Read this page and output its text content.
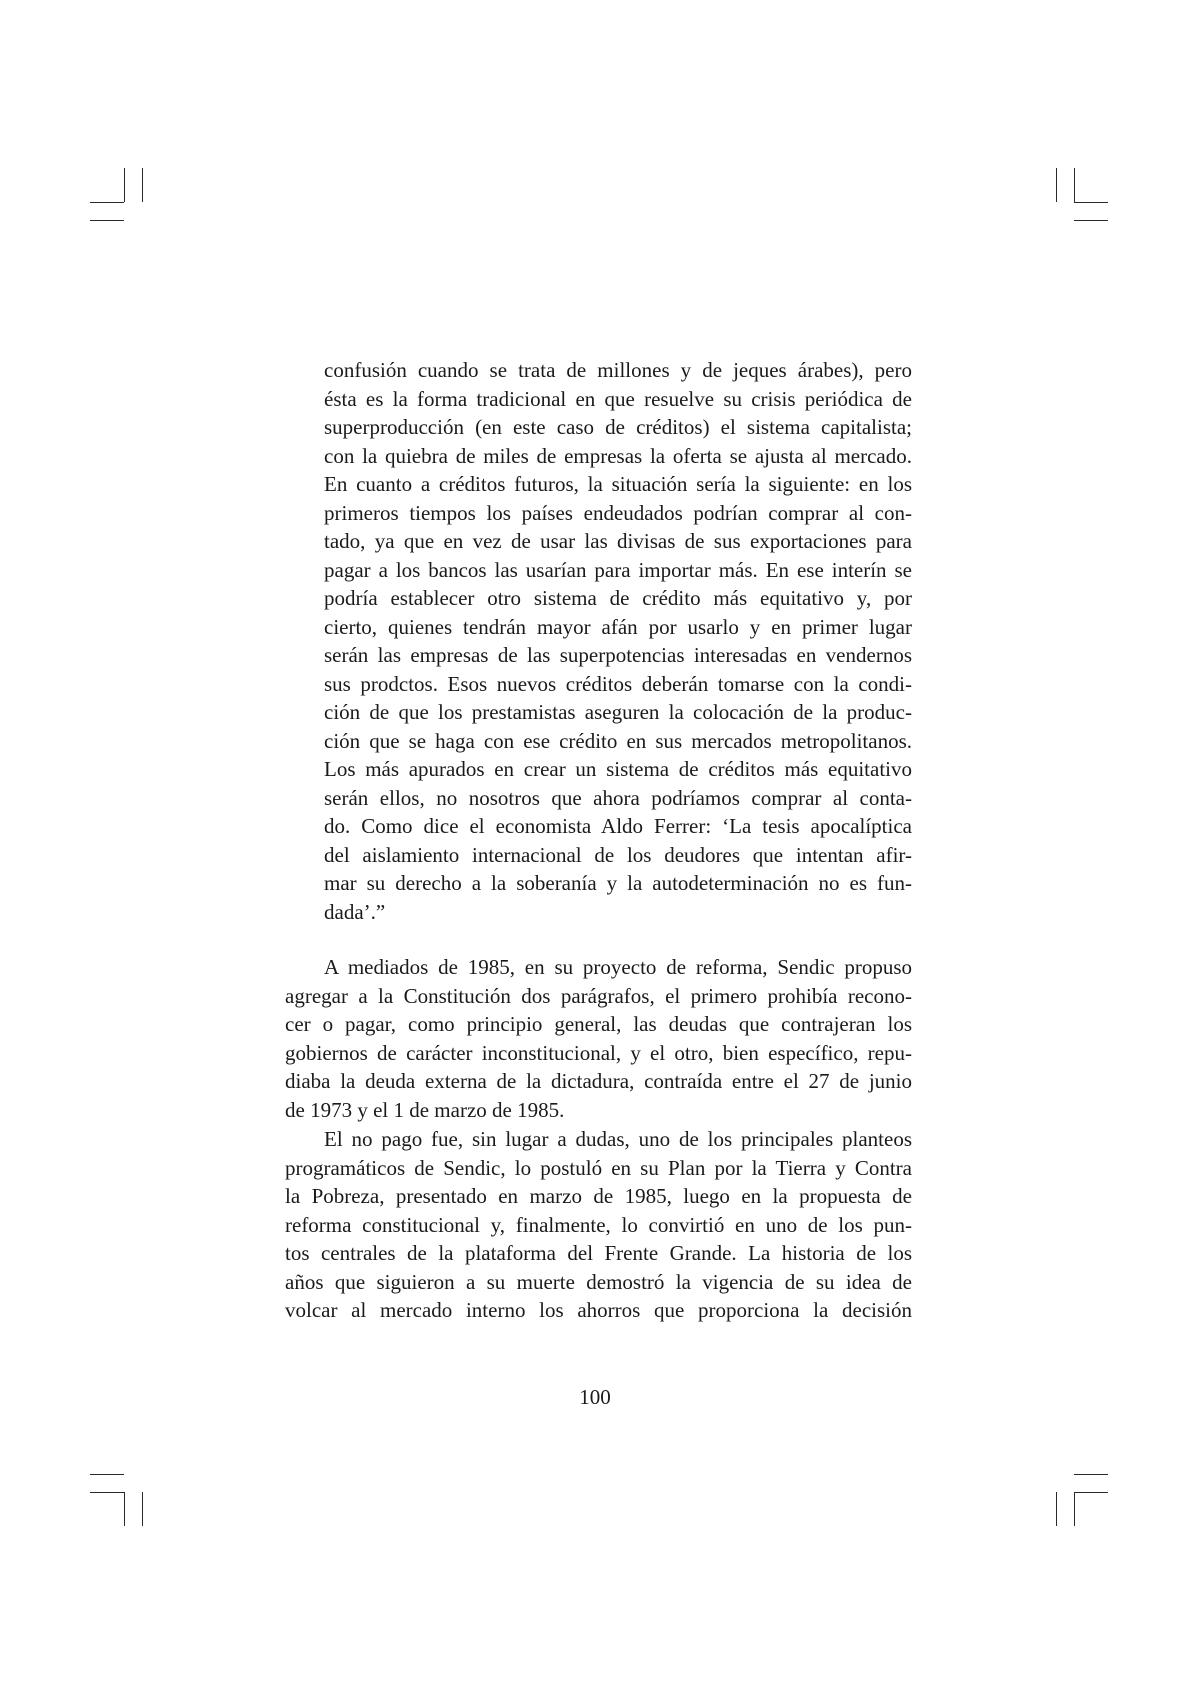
confusión cuando se trata de millones y de jeques árabes), pero
ésta es la forma tradicional en que resuelve su crisis periódica de
superproducción (en este caso de créditos) el sistema capitalista;
con la quiebra de miles de empresas la oferta se ajusta al mercado.
En cuanto a créditos futuros, la situación sería la siguiente: en los
primeros tiempos los países endeudados podrían comprar al con-
tado, ya que en vez de usar las divisas de sus exportaciones para
pagar a los bancos las usarían para importar más. En ese interín se
podría establecer otro sistema de crédito más equitativo y, por
cierto, quienes tendrán mayor afán por usarlo y en primer lugar
serán las empresas de las superpotencias interesadas en vendernos
sus prodctos. Esos nuevos créditos deberán tomarse con la condi-
ción de que los prestamistas aseguren la colocación de la produc-
ción que se haga con ese crédito en sus mercados metropolitanos.
Los más apurados en crear un sistema de créditos más equitativo
serán ellos, no nosotros que ahora podríamos comprar al conta-
do. Como dice el economista Aldo Ferrer: ‘La tesis apocalíptica
del aislamiento internacional de los deudores que intentan afir-
mar su derecho a la soberanía y la autodeterminación no es fun-
dada’.”
A mediados de 1985, en su proyecto de reforma, Sendic propuso
agregar a la Constitución dos parágrafos, el primero prohibía recono-
cer o pagar, como principio general, las deudas que contrajeran los
gobiernos de carácter inconstitucional, y el otro, bien específico, repu-
diaba la deuda externa de la dictadura, contraída entre el 27 de junio
de 1973 y el 1 de marzo de 1985.
El no pago fue, sin lugar a dudas, uno de los principales planteos
programáticos de Sendic, lo postuló en su Plan por la Tierra y Contra
la Pobreza, presentado en marzo de 1985, luego en la propuesta de
reforma constitucional y, finalmente, lo convirtió en uno de los pun-
tos centrales de la plataforma del Frente Grande. La historia de los
años que siguieron a su muerte demostró la vigencia de su idea de
volcar al mercado interno los ahorros que proporciona la decisión
100
